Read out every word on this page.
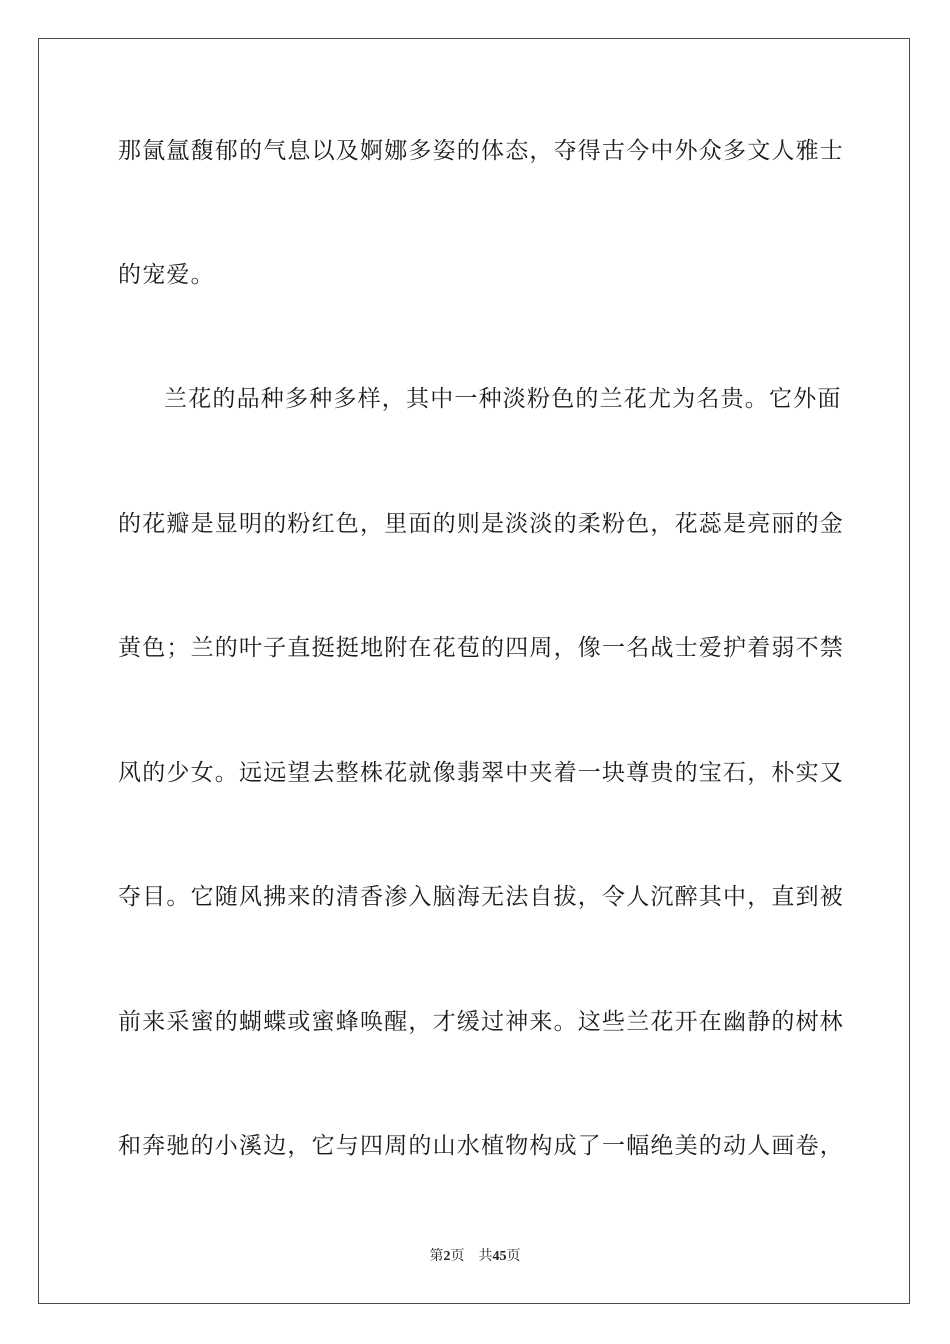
那氤氲馥郁的气息以及婀娜多姿的体态，夺得古今中外众多文人雅士
的宠爱。
兰花的品种多种多样，其中一种淡粉色的兰花尤为名贵。它外面
的花瓣是显明的粉红色，里面的则是淡淡的柔粉色，花蕊是亮丽的金
黄色；兰的叶子直挺挺地附在花苞的四周，像一名战士爱护着弱不禁
风的少女。远远望去整株花就像翡翠中夹着一块尊贵的宝石，朴实又
夺目。它随风拂来的清香渗入脑海无法自拔，令人沉醉其中，直到被
前来采蜜的蝴蝶或蜜蜂唤醒，才缓过神来。这些兰花开在幽静的树林
和奔驰的小溪边，它与四周的山水植物构成了一幅绝美的动人画卷，
第2页 共45页
